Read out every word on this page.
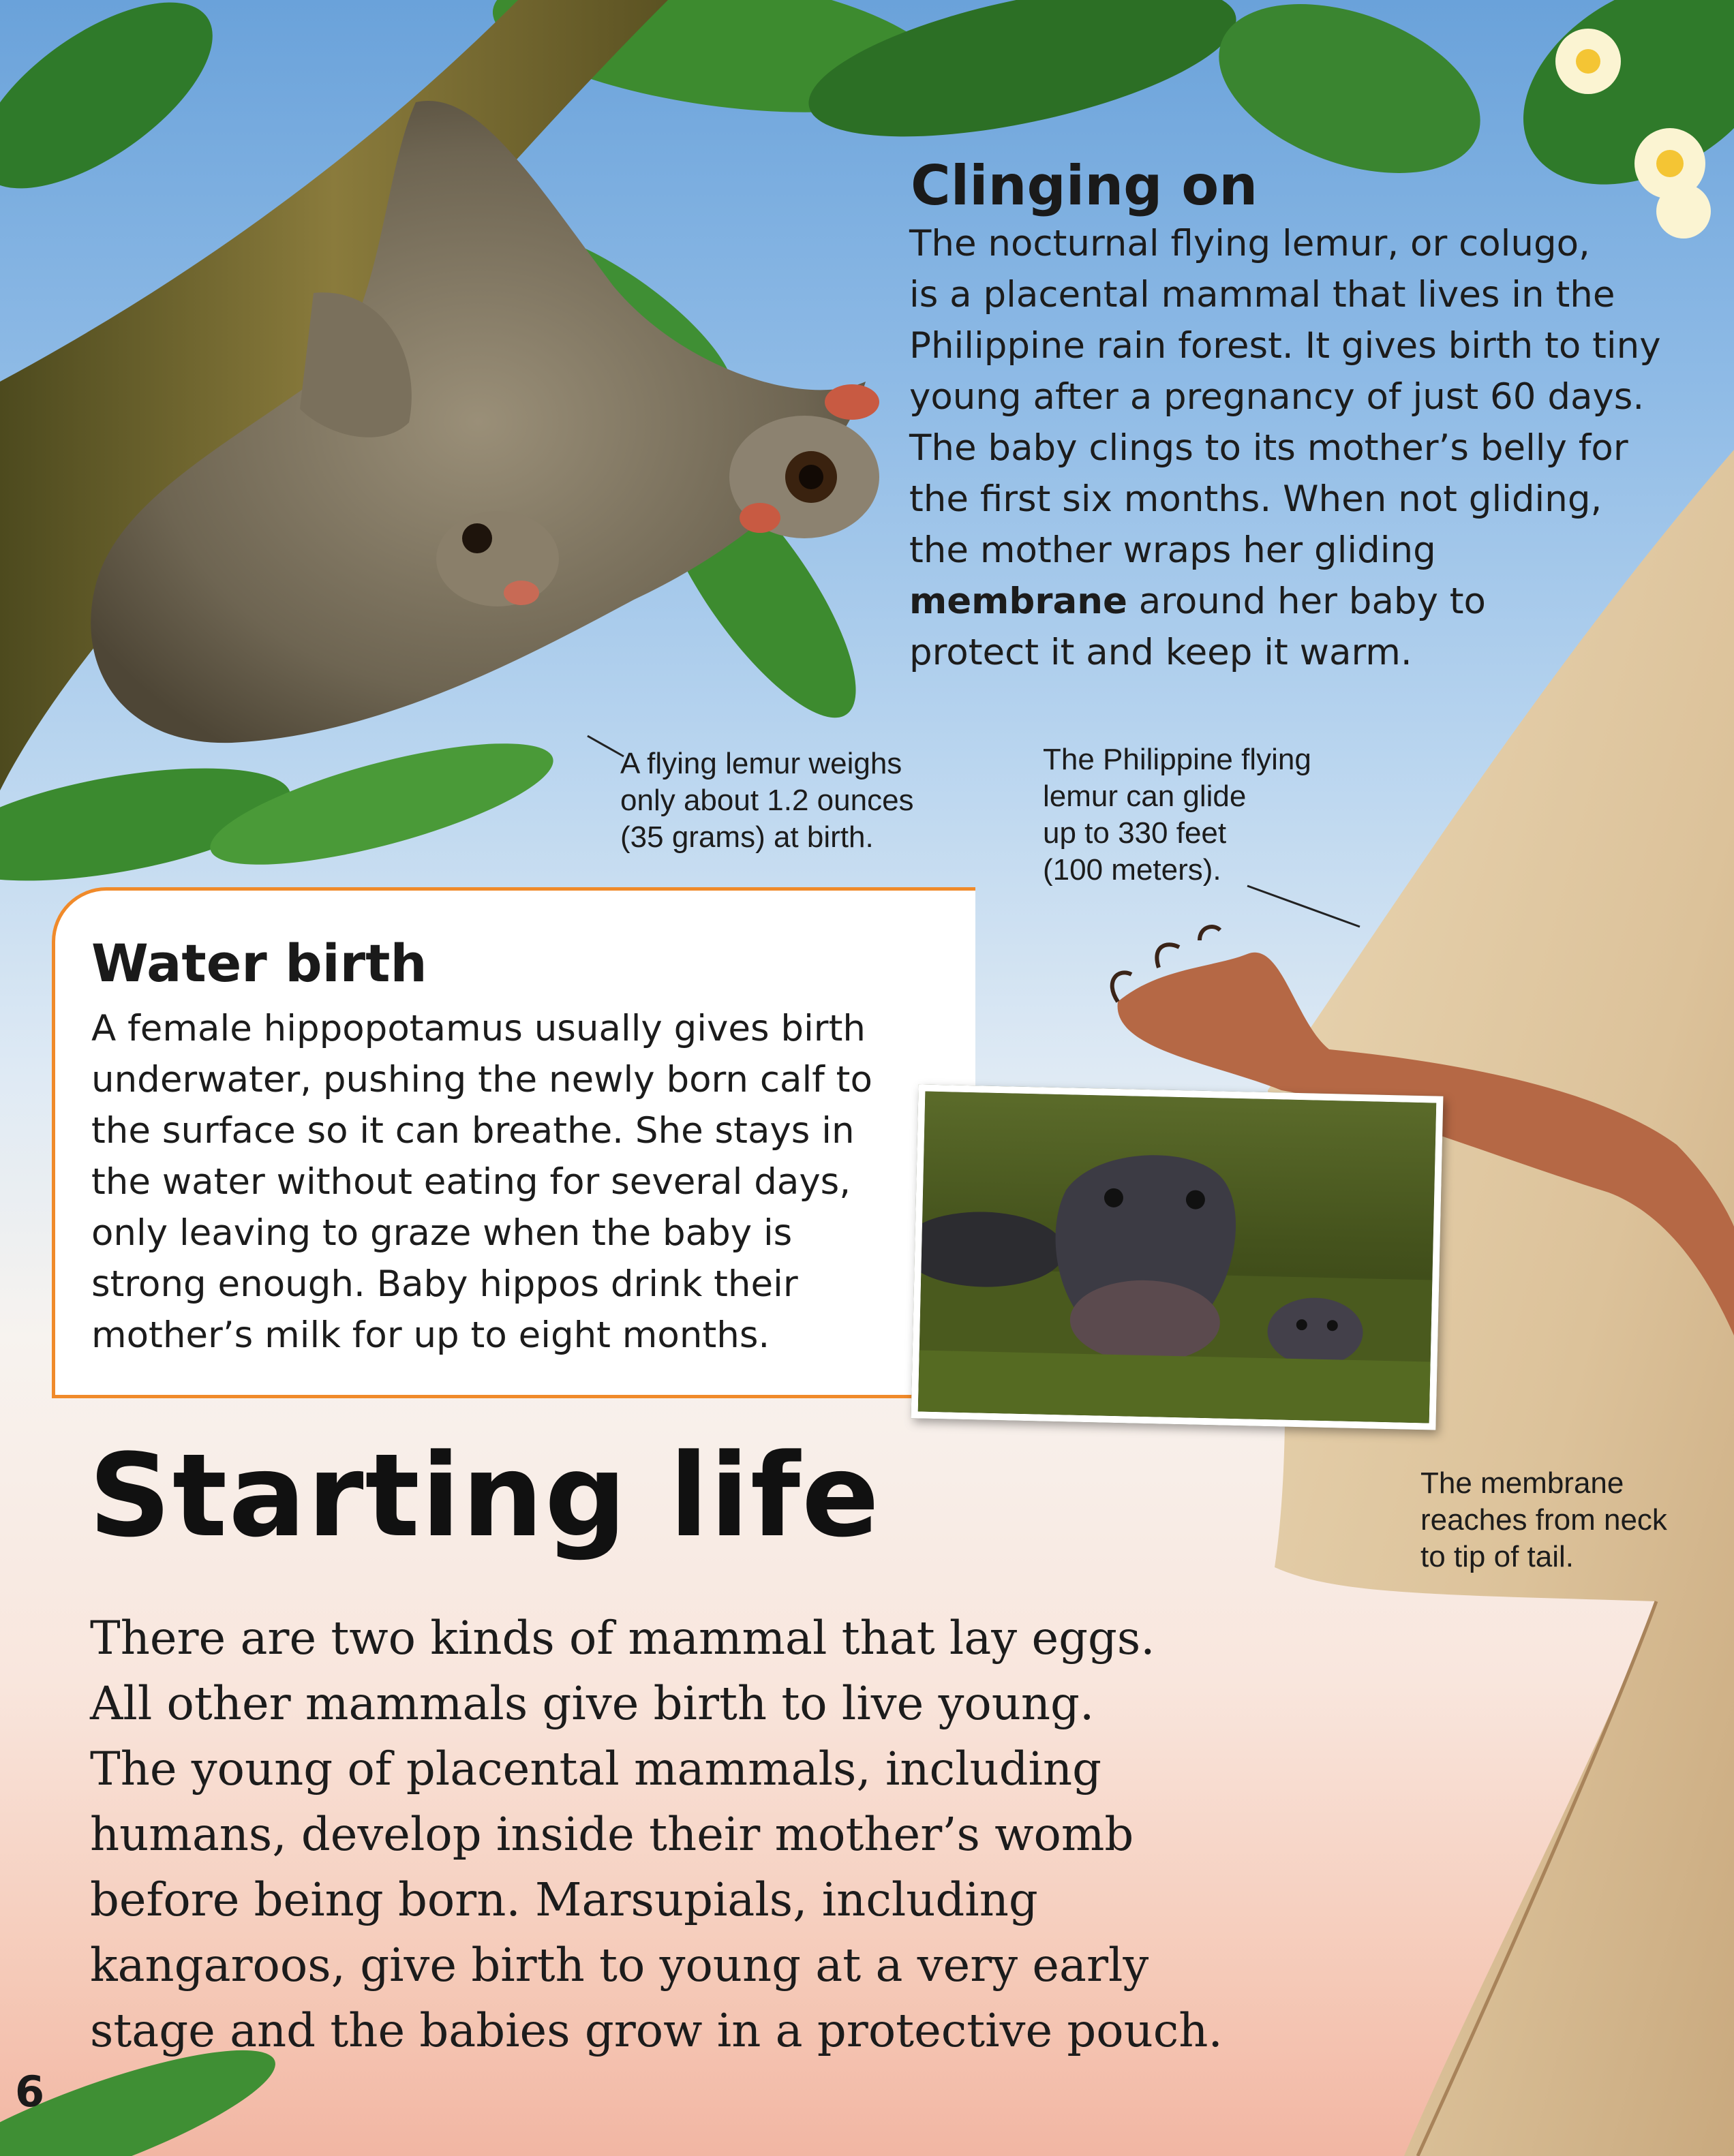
Clinging on
The nocturnal flying lemur, or colugo,
is a placental mammal that lives in the
Philippine rain forest. It gives birth to tiny
young after a pregnancy of just 60 days.
The baby clings to its mother’s belly for
the first six months. When not gliding,
the mother wraps her gliding
membrane around her baby to
protect it and keep it warm.
A flying lemur weighs
only about 1.2 ounces
(35 grams) at birth.
The Philippine flying
lemur can glide
up to 330 feet
(100 meters).
Water birth
A female hippopotamus usually gives birth
underwater, pushing the newly born calf to
the surface so it can breathe. She stays in
the water without eating for several days,
only leaving to graze when the baby is
strong enough. Baby hippos drink their
mother’s milk for up to eight months.
Starting life
There are two kinds of mammal that lay eggs.
All other mammals give birth to live young.
The young of placental mammals, including
humans, develop inside their mother’s womb
before being born. Marsupials, including
kangaroos, give birth to young at a very early
stage and the babies grow in a protective pouch.
The membrane
reaches from neck
to tip of tail.
6
